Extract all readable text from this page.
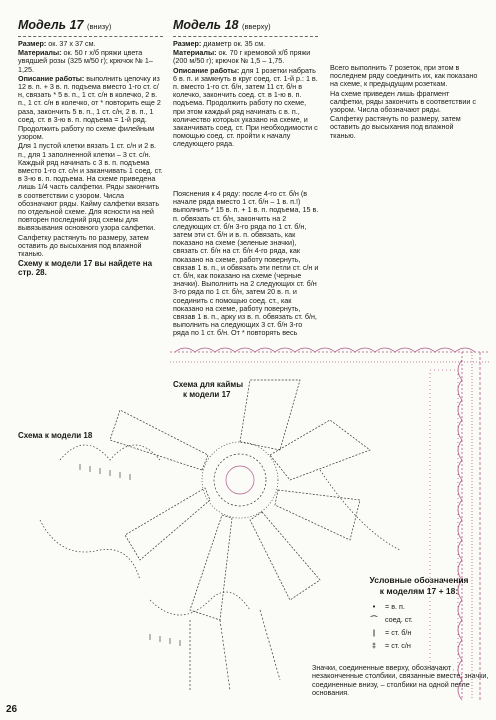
Модель 17 (внизу)

Размер: ок. 37 х 37 см.

Материалы: ок. 50 г х/б пряжи цвета увядшей розы (325 м/50 г); крючок № 1–1,25.

Описание работы: выполнить цепочку из 12 в. п. + 3 в. п. подъема вместо 1-го ст. с/н, связать * 5 в. п., 1 ст. с/н в колечко, 2 в. п., 1 ст. с/н в колечко, от * повторить еще 2 раза, закончить 5 в. п., 1 ст. с/н, 2 в. п., 1 соед. ст. в 3-ю в. п. подъема = 1-й ряд.

Продолжить работу по схеме филейным узором.

Для 1 пустой клетки вязать 1 ст. с/н и 2 в. п., для 1 заполненной клетки – 3 ст. с/н. Каждый ряд начинать с 3 в. п. подъема вместо 1-го ст. с/н и заканчивать 1 соед. ст. в 3-ю в. п. подъема. На схеме приведена лишь 1/4 часть салфетки. Ряды закончить в соответствии с узором. Числа обозначают ряды. Кайму салфетки вязать по отдельной схеме. Для ясности на ней повторен последний ряд схемы для вывязывания основного узора салфетки.

Салфетку растянуть по размеру, затем оставить до высыхания под влажной тканью.

Схему к модели 17 вы найдете на стр. 28.

Модель 18 (вверху)

Размер: диаметр ок. 35 см.

Материалы: ок. 70 г кремовой х/б пряжи (200 м/50 г); крючок № 1,5 – 1,75.

Описание работы: для 1 розетки набрать 6 в. п. и замкнуть в круг соед. ст. 1-й р.: 1 в. п. вместо 1-го ст. б/н, затем 11 ст. б/н в колечко, закончить соед. ст. в 1-ю в. п. подъема. Продолжить работу по схеме, при этом каждый ряд начинать с в. п., количество которых указано на схеме, и заканчивать соед. ст. При необходимости с помощью соед. ст. пройти к началу следующего ряда.

Пояснения к 4 ряду: после 4-го ст. б/н (в начале ряда вместо 1 ст. б/н – 1 в. п.!) выполнить * 15 в. п. + 1 в. п. подъема, 15 в. п. обвязать ст. б/н, закончить на 2 следующих ст. б/н 3-го ряда по 1 ст. б/н, затем эти ст. б/н и в. п. обвязать, как показано на схеме (зеленые значки), связать ст. б/н на ст. б/н 4-го ряда, как показано на схеме, работу повернуть, связав 1 в. п., и обвязать эти петли ст. с/н и ст. б/н, как показано на схеме (черные значки). Выполнить на 2 следующих ст. б/н 3-го ряда по 1 ст. б/н, затем 20 в. п. и соединить с помощью соед. ст., как показано на схеме, работу повернуть, связав 1 в. п., арку из в. п. обвязать ст. б/н, выполнить на следующих 3 ст. б/н 3-го ряда по 1 ст. б/н. От * повторять весь

Всего выполнить 7 розеток, при этом в последнем ряду соединить их, как показано на схеме, к предыдущим розеткам.

На схеме приведен лишь фрагмент салфетки, ряды закончить в соответствии с узором. Числа обозначают ряды.

Салфетку растянуть по размеру, затем оставить до высыхания под влажной тканью.

Схема для каймы
к модели 17
Схема к модели 18
Условные обозначения
к моделям 17 + 18:
•	= в. п.
⌒	соед. ст.
|	= ст. б/н
‡	= ст. с/н
Значки, соединенные вверху, обозначают незаконченные столбики, связанные вместе; значки, соединенные внизу, – столбики на одной петле основания.
26
